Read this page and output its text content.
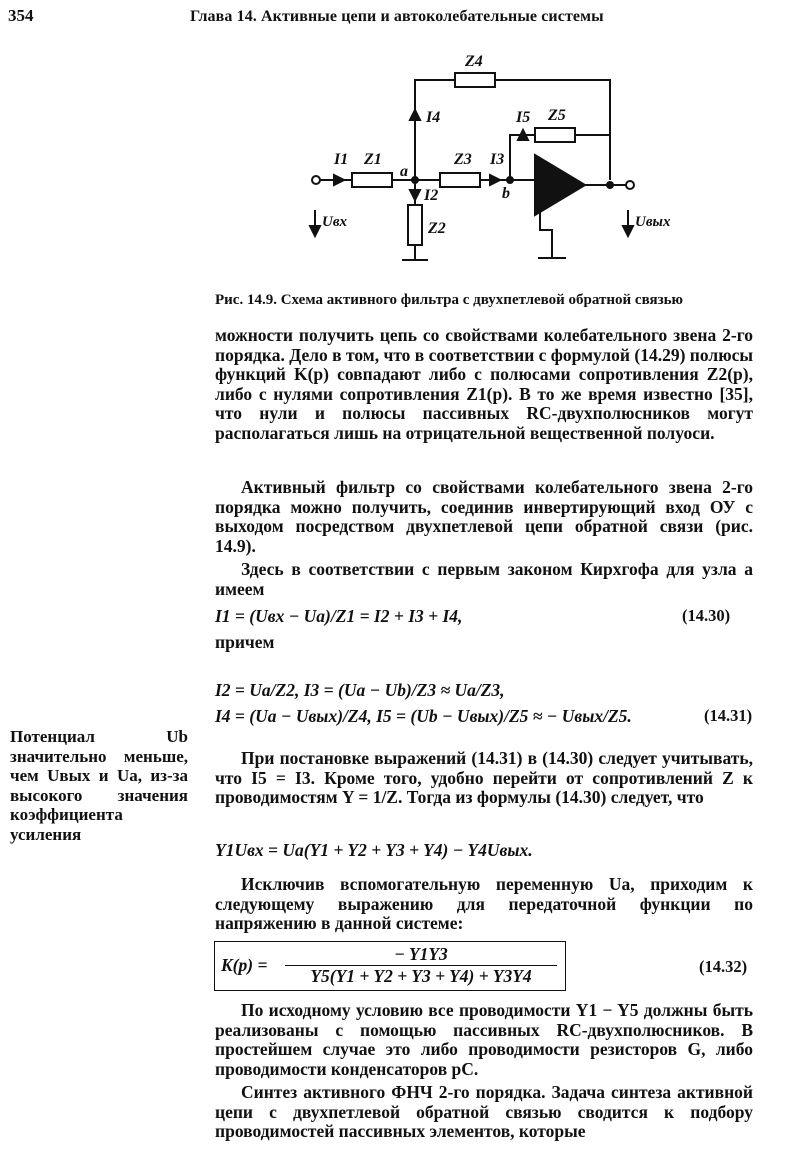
354	Глава 14. Активные цепи и автоколебательные системы
Z4
I4
I1 Z1
a
Z3 I3
b
I5 Z5
I2
Z2
Uвх	Uвых
Рис. 14.9. Схема активного фильтра с двухпетлевой обратной связью

можности получить цепь со свойствами колебательного звена 2-го порядка. Дело в том, что в соответствии с формулой (14.29) полюсы функций K(p) совпадают либо с полюсами сопротивления Z2(p), либо с нулями сопротивления Z1(p). В то же время известно [35], что нули и полюсы пассивных RC-двухполюсников могут располагаться лишь на отрицательной вещественной полуоси.

Активный фильтр со свойствами колебательного звена 2-го порядка можно получить, соединив инвертирующий вход ОУ с выходом посредством двухпетлевой цепи обратной связи (рис. 14.9).

Здесь в соответствии с первым законом Кирхгофа для узла a имеем

I1 = (Uвх − Ua)/Z1 = I2 + I3 + I4,	(14.30)
причем
I2 = Ua/Z2, I3 = (Ua − Ub)/Z3 ≈ Ua/Z3,
I4 = (Ua − Uвых)/Z4, I5 = (Ub − Uвых)/Z5 ≈ − Uвых/Z5.	(14.31)
Потенциал Ub значительно меньше, чем Uвых и Ua, из-за высокого значения коэффициента усиления

При постановке выражений (14.31) в (14.30) следует учитывать, что I5 = I3. Кроме того, удобно перейти от сопротивлений Z к проводимостям Y = 1/Z. Тогда из формулы (14.30) следует, что

Y1Uвх = Ua(Y1 + Y2 + Y3 + Y4) − Y4Uвых.

Исключив вспомогательную переменную Ua, приходим к следующему выражению для передаточной функции по напряжению в данной системе:

$K(p) = \frac{- Y1Y3}{Y5(Y1 + Y2 + Y3 + Y4) + Y3Y4}$	(14.32)

По исходному условию все проводимости Y1 − Y5 должны быть реализованы с помощью пассивных RC-двухполюсников. В простейшем случае это либо проводимости резисторов G, либо проводимости конденсаторов pC.

Синтез активного ФНЧ 2-го порядка. Задача синтеза активной цепи с двухпетлевой обратной связью сводится к подбору проводимостей пассивных элементов, которые
